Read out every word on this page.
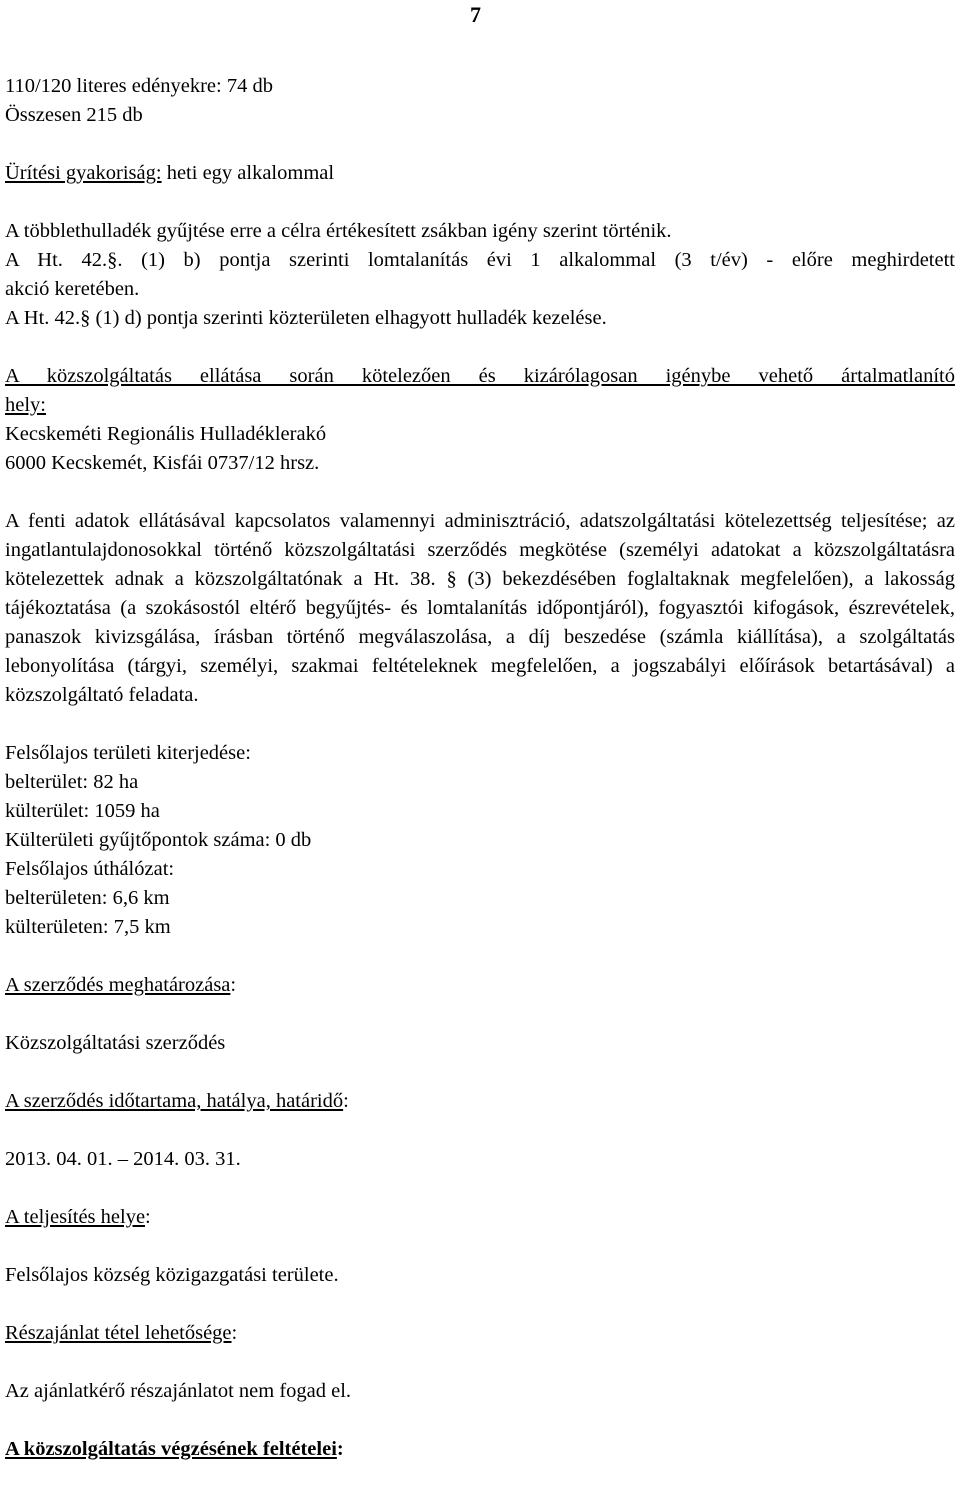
7
110/120 literes edényekre: 74 db
Összesen 215 db
Ürítési gyakoriság: heti egy alkalommal
A többlethulladék gyűjtése erre a célra értékesített zsákban igény szerint történik.
A Ht. 42.§. (1) b) pontja szerinti lomtalanítás évi 1 alkalommal (3 t/év) - előre meghirdetett
akció keretében.
A Ht. 42.§ (1) d) pontja szerinti közterületen elhagyott hulladék kezelése.
A közszolgáltatás ellátása során kötelezően és kizárólagosan igénybe vehető ártalmatlanító
hely:
Kecskeméti Regionális Hulladéklerakó
6000 Kecskemét, Kisfái 0737/12 hrsz.
A fenti adatok ellátásával kapcsolatos valamennyi adminisztráció, adatszolgáltatási kötelezettség teljesítése; az ingatlantulajdonosokkal történő közszolgáltatási szerződés megkötése (személyi adatokat a közszolgáltatásra kötelezettek adnak a közszolgáltatónak a Ht. 38. § (3) bekezdésében foglaltaknak megfelelően), a lakosság tájékoztatása (a szokásostól eltérő begyűjtés- és lomtalanítás időpontjáról), fogyasztói kifogások, észrevételek, panaszok kivizsgálása, írásban történő megválaszolása, a díj beszedése (számla kiállítása), a szolgáltatás lebonyolítása (tárgyi, személyi, szakmai feltételeknek megfelelően, a jogszabályi előírások betartásával) a közszolgáltató feladata.
Felsőlajos területi kiterjedése:
belterület: 82 ha
külterület: 1059 ha
Külterületi gyűjtőpontok száma: 0 db
Felsőlajos úthálózat:
belterületen: 6,6 km
külterületen: 7,5 km
A szerződés meghatározása:
Közszolgáltatási szerződés
A szerződés időtartama, hatálya, határidő:
2013. 04. 01. – 2014. 03. 31.
A teljesítés helye:
Felsőlajos község közigazgatási területe.
Részajánlat tétel lehetősége:
Az ajánlatkérő részajánlatot nem fogad el.
A közszolgáltatás végzésének feltételei:
